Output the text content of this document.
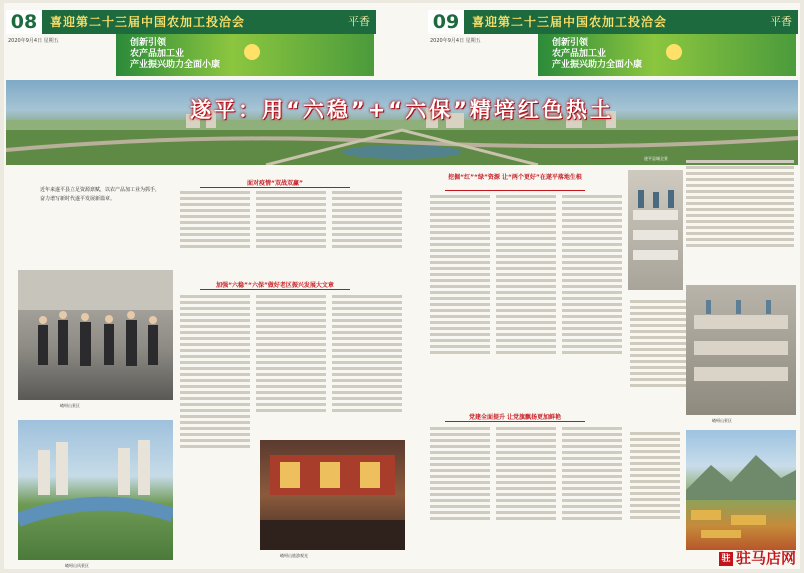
08	喜迎第二十三届中国农加工投洽会	平香	09	喜迎第二十三届中国农加工投洽会	平香
2020年9月4日 星期五	2020年9月4日 星期五
创新引领
农产品加工业
产业振兴助力全面小康
创新引领
农产品加工业
产业振兴助力全面小康
遂平：用“六稳”+“六保”精培红色热土
遂平县城全景
近年来遂平县立足资源禀赋，以农产品加工业为抓手，奋力谱写新时代遂平发展新篇章。
面对疫情“双战双赢”
加强“六稳”“六保”做好老区振兴发展大文章
嵖岈山景区
嵖岈山风景区
嵖岈山旅游观光
挖掘“红”“绿”资源 让“两个更好”在遂平落地生根
党建全面提升 让党旗飘扬更加鲜艳	嵖岈山景区
驻 驻马店网
